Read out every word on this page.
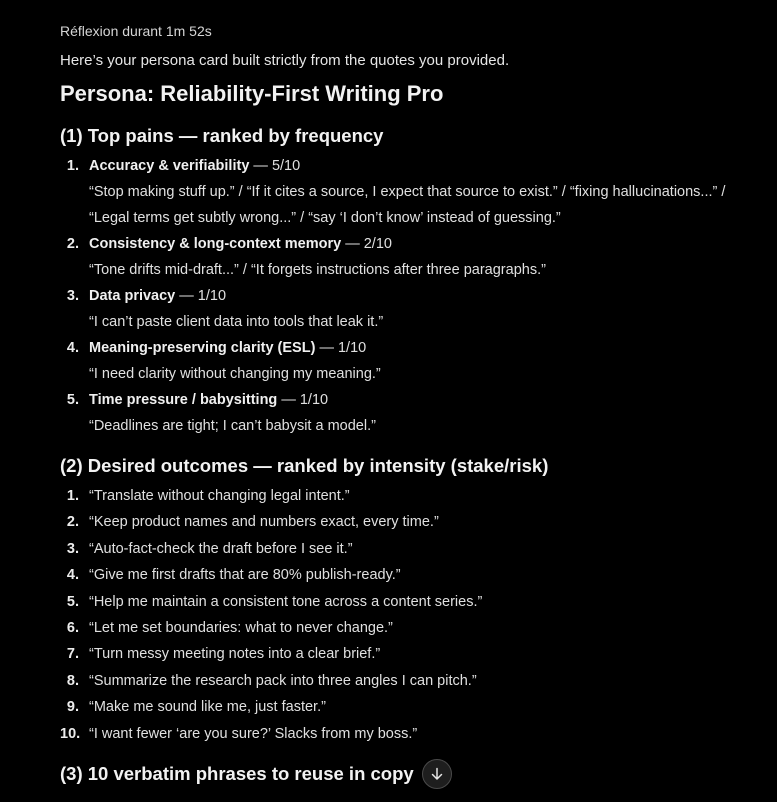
Réflexion durant 1m 52s
Here’s your persona card built strictly from the quotes you provided.
Persona: Reliability-First Writing Pro
(1) Top pains — ranked by frequency
1. Accuracy & verifiability — 5/10
“Stop making stuff up.” / “If it cites a source, I expect that source to exist.” / “fixing hallucinations...” /
“Legal terms get subtly wrong...” / “say ‘I don’t know’ instead of guessing.”
2. Consistency & long-context memory — 2/10
“Tone drifts mid-draft...” / “It forgets instructions after three paragraphs.”
3. Data privacy — 1/10
“I can’t paste client data into tools that leak it.”
4. Meaning-preserving clarity (ESL) — 1/10
“I need clarity without changing my meaning.”
5. Time pressure / babysitting — 1/10
“Deadlines are tight; I can’t babysit a model.”
(2) Desired outcomes — ranked by intensity (stake/risk)
1. “Translate without changing legal intent.”
2. “Keep product names and numbers exact, every time.”
3. “Auto-fact-check the draft before I see it.”
4. “Give me first drafts that are 80% publish-ready.”
5. “Help me maintain a consistent tone across a content series.”
6. “Let me set boundaries: what to never change.”
7. “Turn messy meeting notes into a clear brief.”
8. “Summarize the research pack into three angles I can pitch.”
9. “Make me sound like me, just faster.”
10. “I want fewer ‘are you sure?’ Slacks from my boss.”
(3) 10 verbatim phrases to reuse in copy
